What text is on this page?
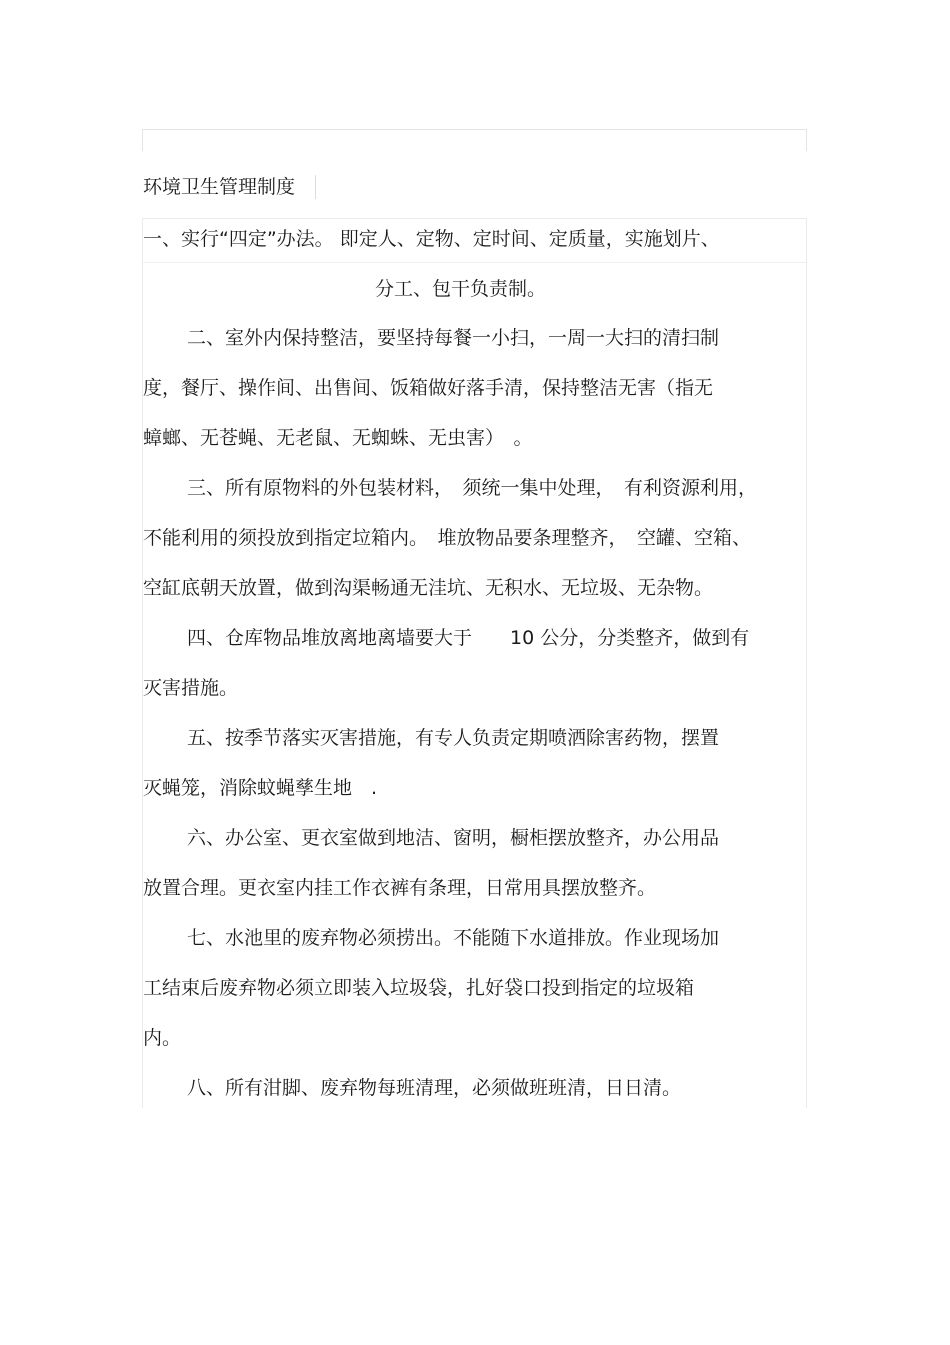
环境卫生管理制度
一、实行“四定”办法。 即定人、定物、定时间、定质量，实施划片、
分工、包干负责制。
二、室外内保持整洁，要坚持每餐一小扫，一周一大扫的清扫制
度，餐厅、操作间、出售间、饭箱做好落手清，保持整洁无害（指无
蟑螂、无苍蝇、无老鼠、无蜘蛛、无虫害）　。
三、所有原物料的外包装材料，　须统一集中处理，　有利资源利用，
不能利用的须投放到指定垃箱内。　堆放物品要条理整齐，　空罐、空箱、
空缸底朝天放置，做到沟渠畅通无洼坑、无积水、无垃圾、无杂物。
四、仓库物品堆放离地离墙要大于　　10 公分，分类整齐，做到有
灭害措施。
五、按季节落实灭害措施，有专人负责定期喷洒除害药物，摆置
灭蝇笼，消除蚊蝇孳生地　.
六、办公室、更衣室做到地洁、窗明，橱柜摆放整齐，办公用品
放置合理。更衣室内挂工作衣裤有条理，日常用具摆放整齐。
七、水池里的废弃物必须捞出。不能随下水道排放。作业现场加
工结束后废弃物必须立即装入垃圾袋，扎好袋口投到指定的垃圾箱
内。
八、所有泔脚、废弃物每班清理，必须做班班清，日日清。
